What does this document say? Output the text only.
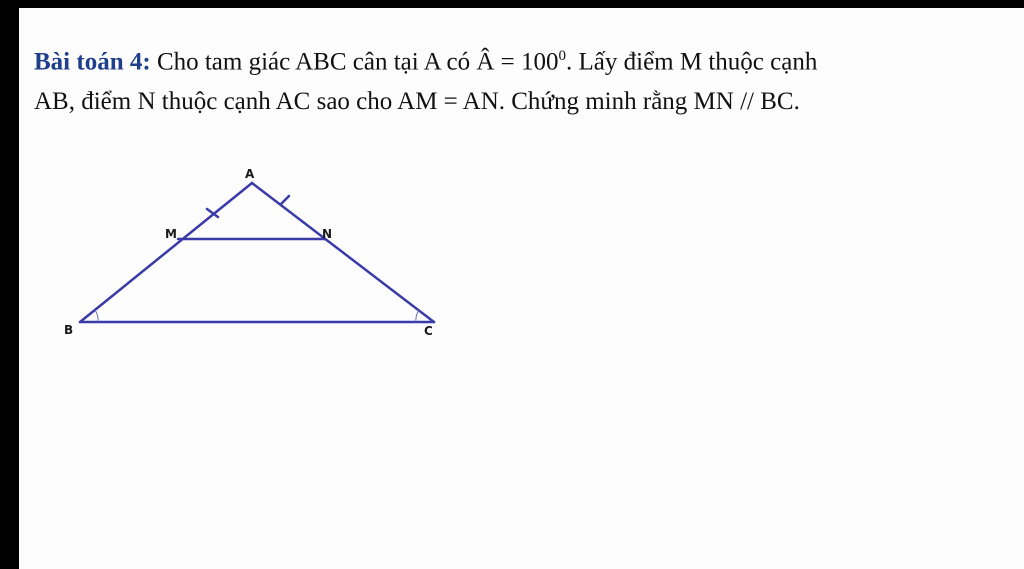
Bài toán 4: Cho tam giác ABC cân tại A có Â = $100^0$. Lấy điểm M thuộc cạnh
AB, điểm N thuộc cạnh AC sao cho AM = AN. Chứng minh rằng MN // BC.
A
B	C
M	N
